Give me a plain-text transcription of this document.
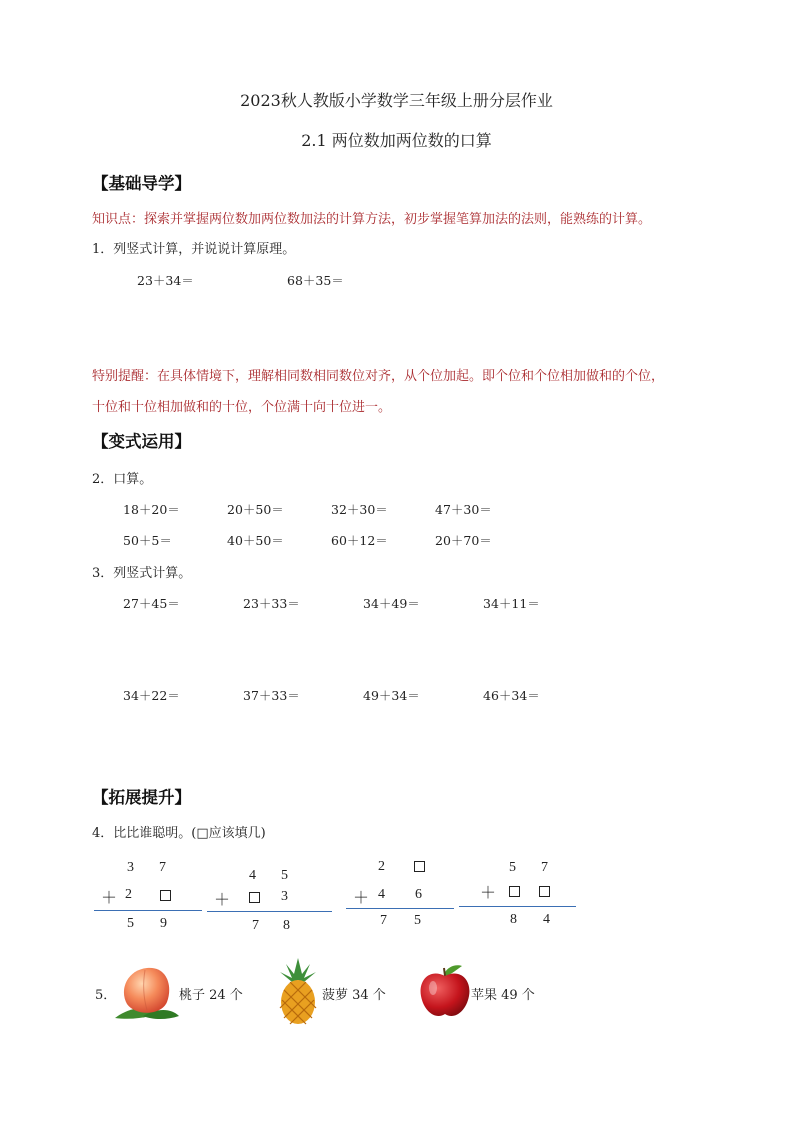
2023秋人教版小学数学三年级上册分层作业
2.1 两位数加两位数的口算
【基础导学】
知识点：探索并掌握两位数加两位数加法的计算方法，初步掌握笔算加法的法则，能熟练的计算。
1．列竖式计算，并说说计算原理。
23＋34＝	68＋35＝
特别提醒：在具体情境下，理解相同数相同数位对齐，从个位加起。即个位和个位相加做和的个位，
十位和十位相加做和的十位，个位满十向十位进一。
【变式运用】
2．口算。
18＋20＝	20＋50＝	32＋30＝	47＋30＝
50＋5＝	40＋50＝	60＋12＝	20＋70＝
3．列竖式计算。
27＋45＝	23＋33＝	34＋49＝	34＋11＝
34＋22＝	37＋33＝	49＋34＝	46＋34＝
【拓展提升】
4．比比谁聪明。(□应该填几)
3 7
＋ 2
5 9
4 5
＋	3
7 8
2
＋ 4 6
7 5
5 7
＋
8 4
5．	桃子 24 个	菠萝 34 个	苹果 49 个
